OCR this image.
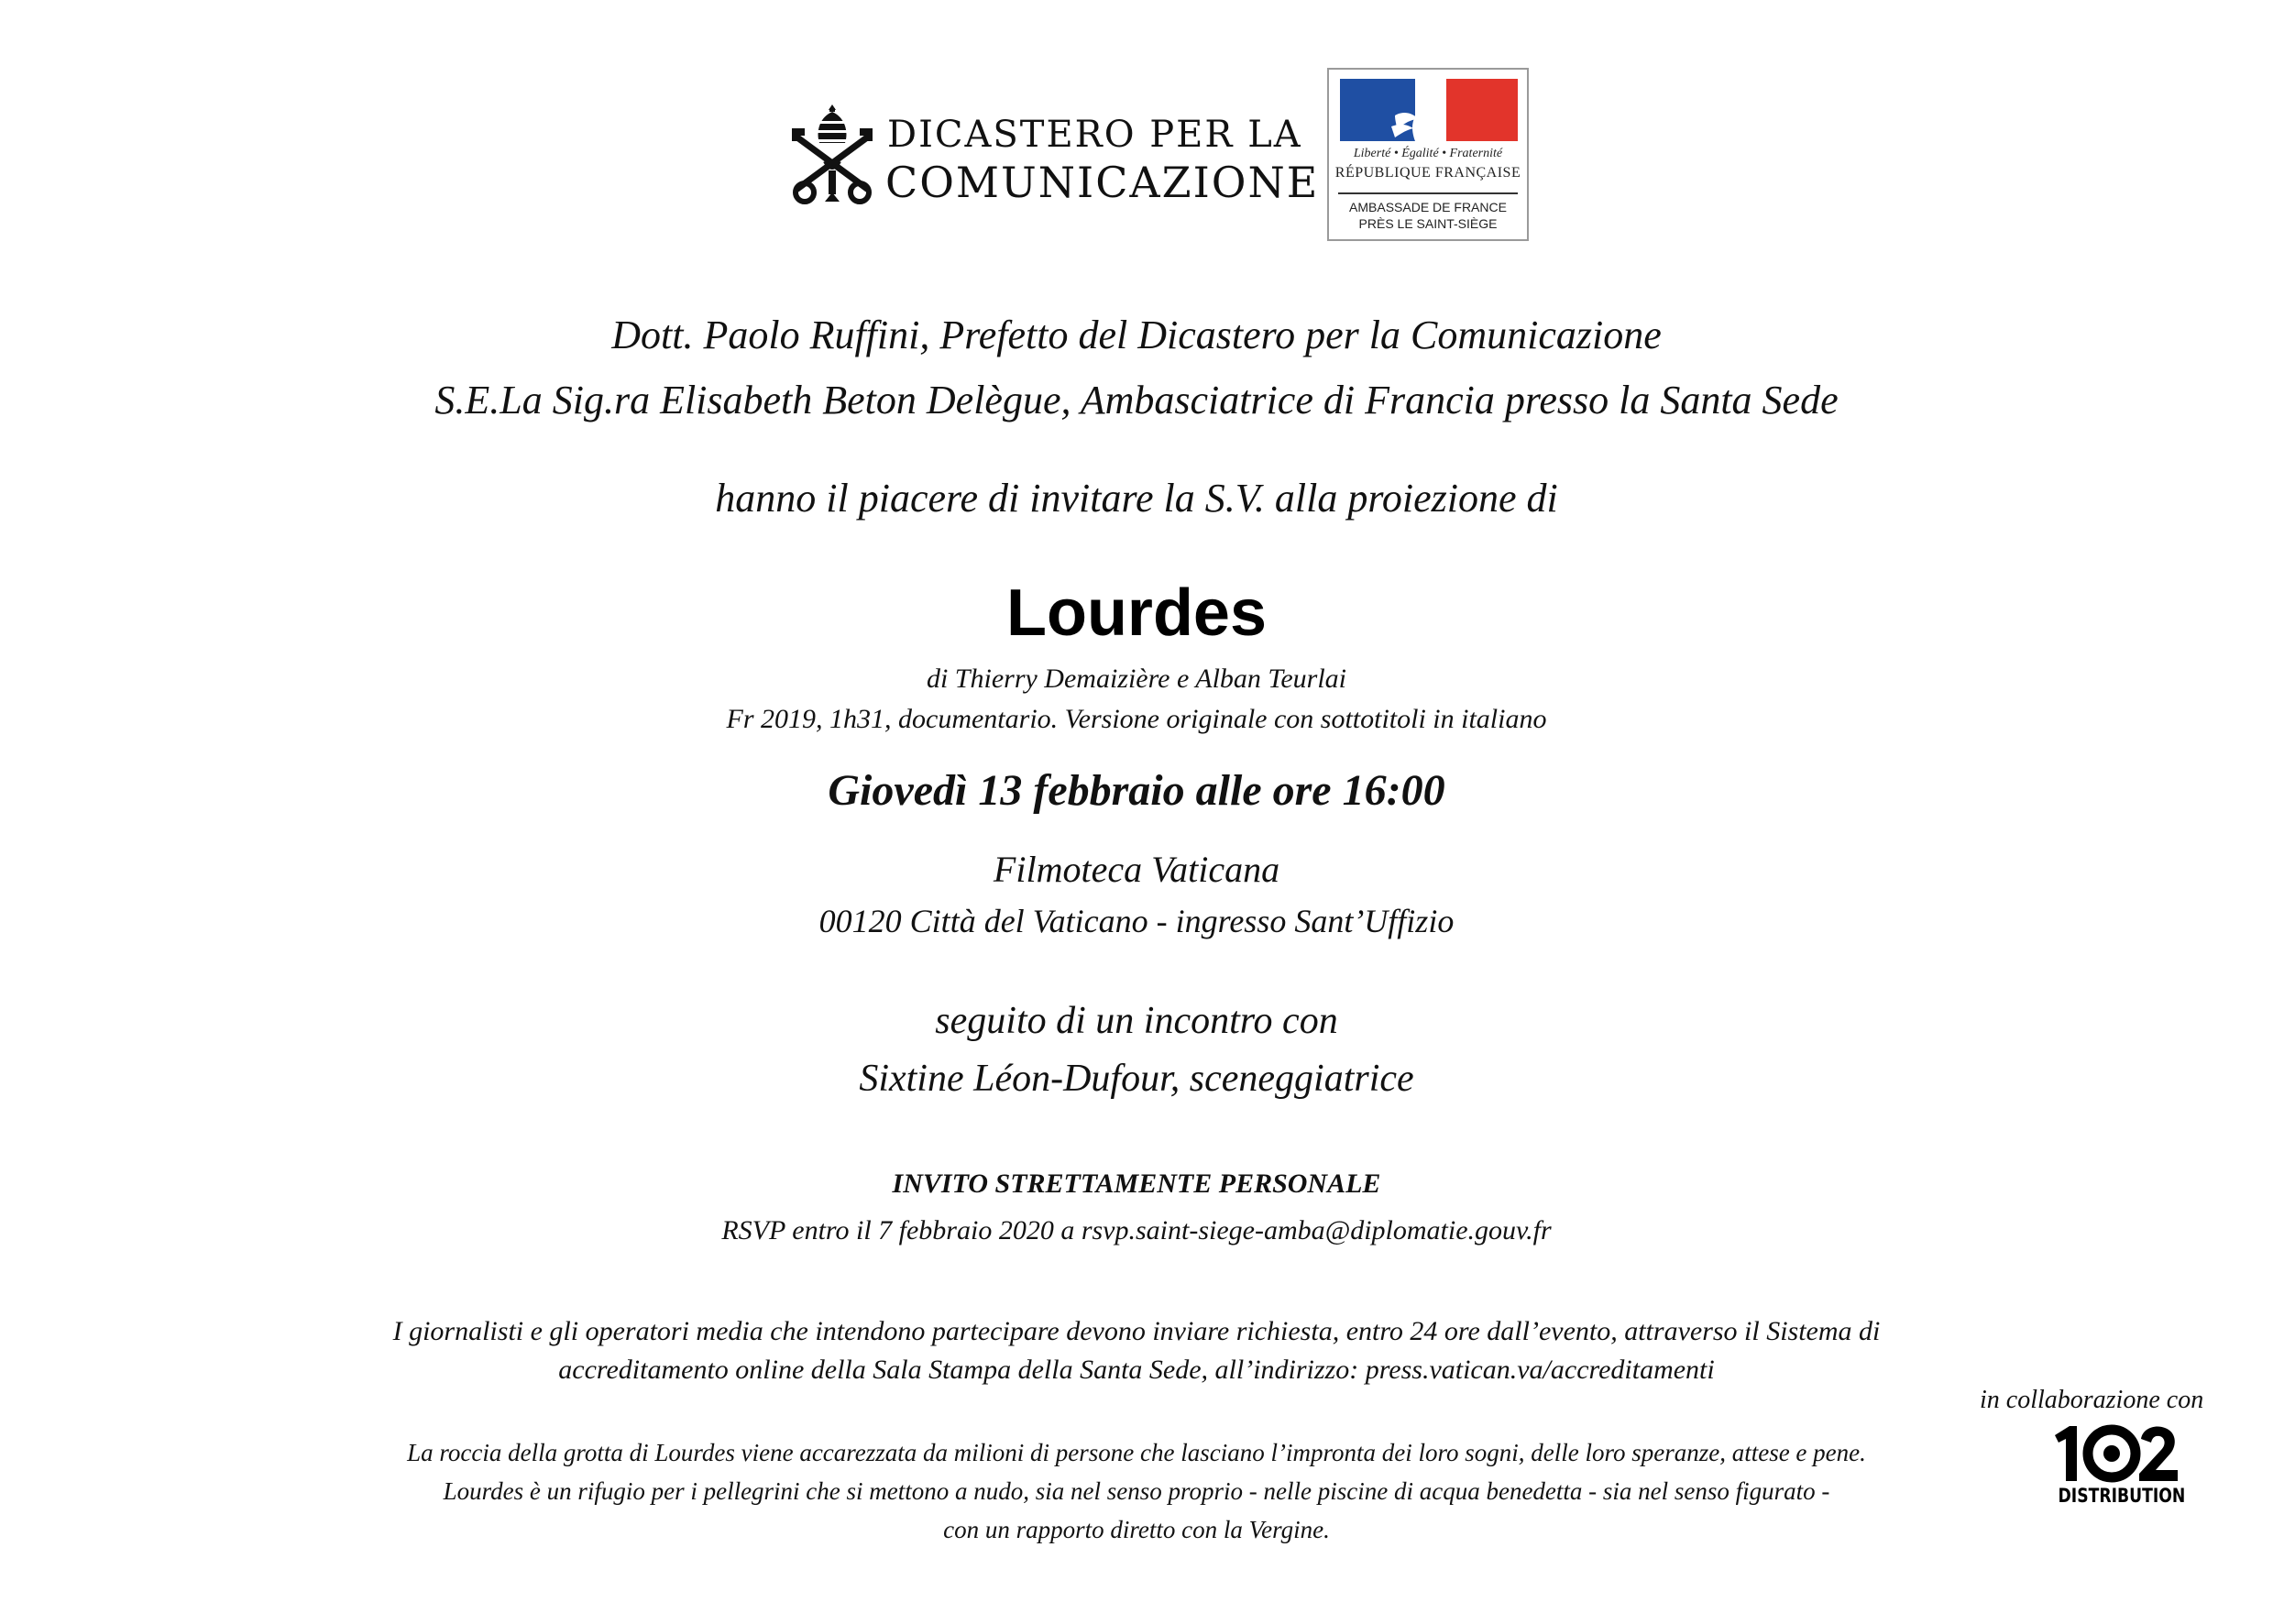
DICASTERO PER LA
COMUNICAZIONE
Liberté • Égalité • Fraternité
RÉPUBLIQUE FRANÇAISE
AMBASSADE DE FRANCE
PRÈS LE SAINT-SIÈGE
Dott. Paolo Ruffini, Prefetto del Dicastero per la Comunicazione
S.E.La Sig.ra Elisabeth Beton Delègue, Ambasciatrice di Francia presso la Santa Sede
hanno il piacere di invitare la S.V. alla proiezione di
Lourdes
di Thierry Demaizière e Alban Teurlai
Fr 2019, 1h31, documentario. Versione originale con sottotitoli in italiano
Giovedì 13 febbraio alle ore 16:00
Filmoteca Vaticana
00120 Città del Vaticano - ingresso Sant’Uffizio
seguito di un incontro con
Sixtine Léon-Dufour, sceneggiatrice
INVITO STRETTAMENTE PERSONALE
RSVP entro il 7 febbraio 2020 a rsvp.saint-siege-amba@diplomatie.gouv.fr
I giornalisti e gli operatori media che intendono partecipare devono inviare richiesta, entro 24 ore dall’evento, attraverso il Sistema di
accreditamento online della Sala Stampa della Santa Sede, all’indirizzo: press.vatican.va/accreditamenti
in collaborazione con
La roccia della grotta di Lourdes viene accarezzata da milioni di persone che lasciano l’impronta dei loro sogni, delle loro speranze, attese e pene.
Lourdes è un rifugio per i pellegrini che si mettono a nudo, sia nel senso proprio - nelle piscine di acqua benedetta - sia nel senso figurato -
con un rapporto diretto con la Vergine.
DISTRIBUTION
